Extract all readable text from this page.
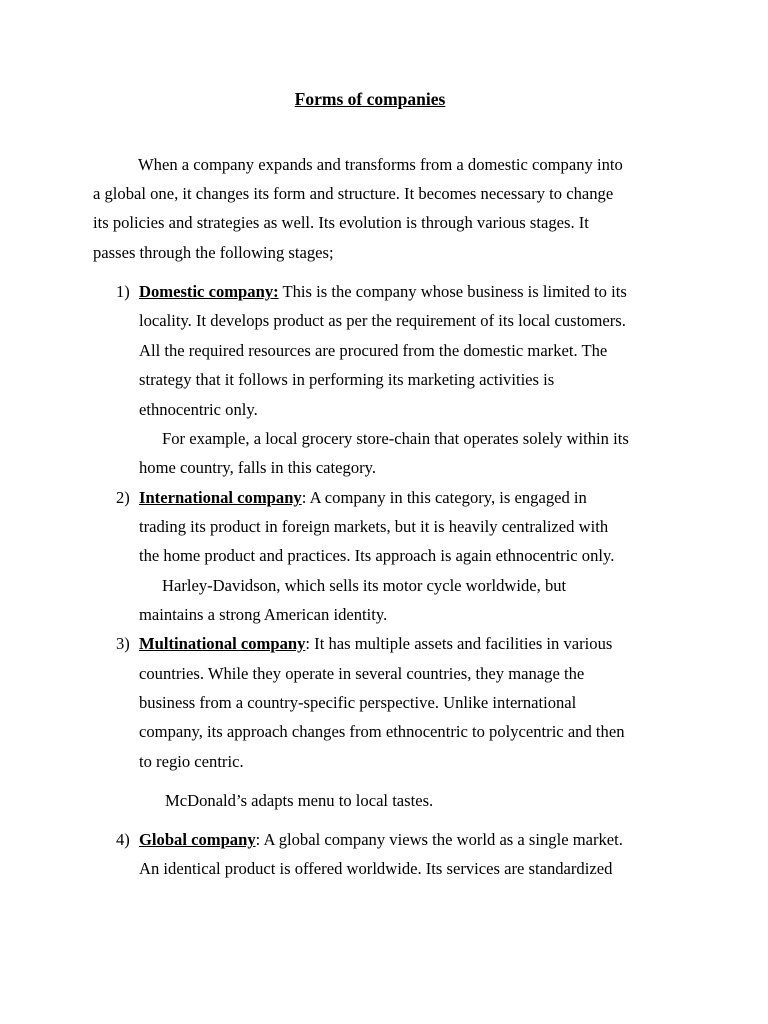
Forms of companies
When a company expands and transforms from a domestic company into
a global one, it changes its form and structure. It becomes necessary to change
its policies and strategies as well. Its evolution is through various stages. It
passes through the following stages;
1) Domestic company: This is the company whose business is limited to its
locality. It develops product as per the requirement of its local customers.
All the required resources are procured from the domestic market. The
strategy that it follows in performing its marketing activities is
ethnocentric only.
For example, a local grocery store-chain that operates solely within its
home country, falls in this category.
2) International company: A company in this category, is engaged in
trading its product in foreign markets, but it is heavily centralized with
the home product and practices. Its approach is again ethnocentric only.
Harley-Davidson, which sells its motor cycle worldwide, but
maintains a strong American identity.
3) Multinational company: It has multiple assets and facilities in various
countries. While they operate in several countries, they manage the
business from a country-specific perspective. Unlike international
company, its approach changes from ethnocentric to polycentric and then
to regio centric.
McDonald’s adapts menu to local tastes.
4) Global company: A global company views the world as a single market.
An identical product is offered worldwide. Its services are standardized
